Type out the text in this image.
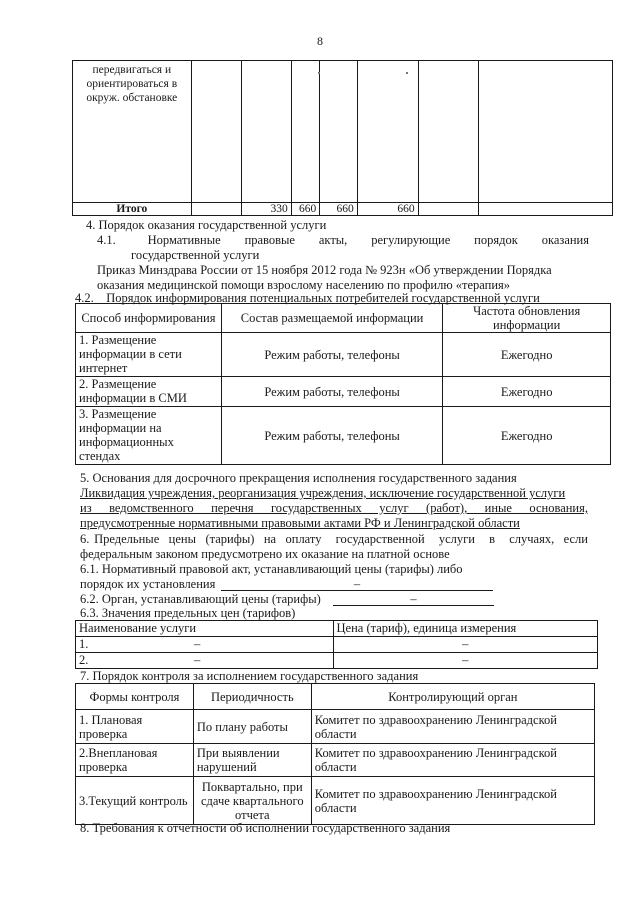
8
передвигаться и ориентироваться в окруж. обстановке							
Итого		330	660	660	660		
4. Порядок оказания государственной услуги
4.1.        Нормативные      правовые      акты,      регулирующие      порядок      оказания
государственной услуги
Приказ Минздрава России от 15 ноября 2012 года № 923н «Об утверждении Порядка
оказания медицинской помощи взрослому населению по профилю «терапия»
4.2.    Порядок информирования потенциальных потребителей государственной услуги
Способ информирования	Состав размещаемой информации	Частота обновления информации
1. Размещение информации в сети интернет	Режим работы, телефоны	Ежегодно
2. Размещение информации в СМИ	Режим работы, телефоны	Ежегодно
3. Размещение информации на информационных стендах	Режим работы, телефоны	Ежегодно
5. Основания для досрочного прекращения исполнения государственного задания
Ликвидация учреждения, реорганизация учреждения, исключение государственной услуги
из   ведомственного   перечня   государственных   услуг   (работ),   иные   основания,
предусмотренные нормативными правовыми актами РФ и Ленинградской области
6. Предельные  цены  (тарифы)  на  оплату   государственной   услуги   в   случаях,  если
федеральным законом предусмотрено их оказание на платной основе
6.1. Нормативный правовой акт, устанавливающий цены (тарифы) либо
порядок их установления	–
6.2. Орган, устанавливающий цены (тарифы)	–
6.3. Значения предельных цен (тарифов)
Наименование услуги	Цена (тариф), единица измерения
1. –	–
2. –	–
7. Порядок контроля за исполнением государственного задания
Формы контроля	Периодичность	Контролирующий орган
1. Плановая проверка	По плану работы	Комитет по здравоохранению Ленинградской области
2.Внеплановая проверка	При выявлении нарушений	Комитет по здравоохранению Ленинградской области
3.Текущий контроль	Поквартально, при сдаче квартального отчета	Комитет по здравоохранению Ленинградской области
8. Требования к отчетности об исполнении государственного задания
